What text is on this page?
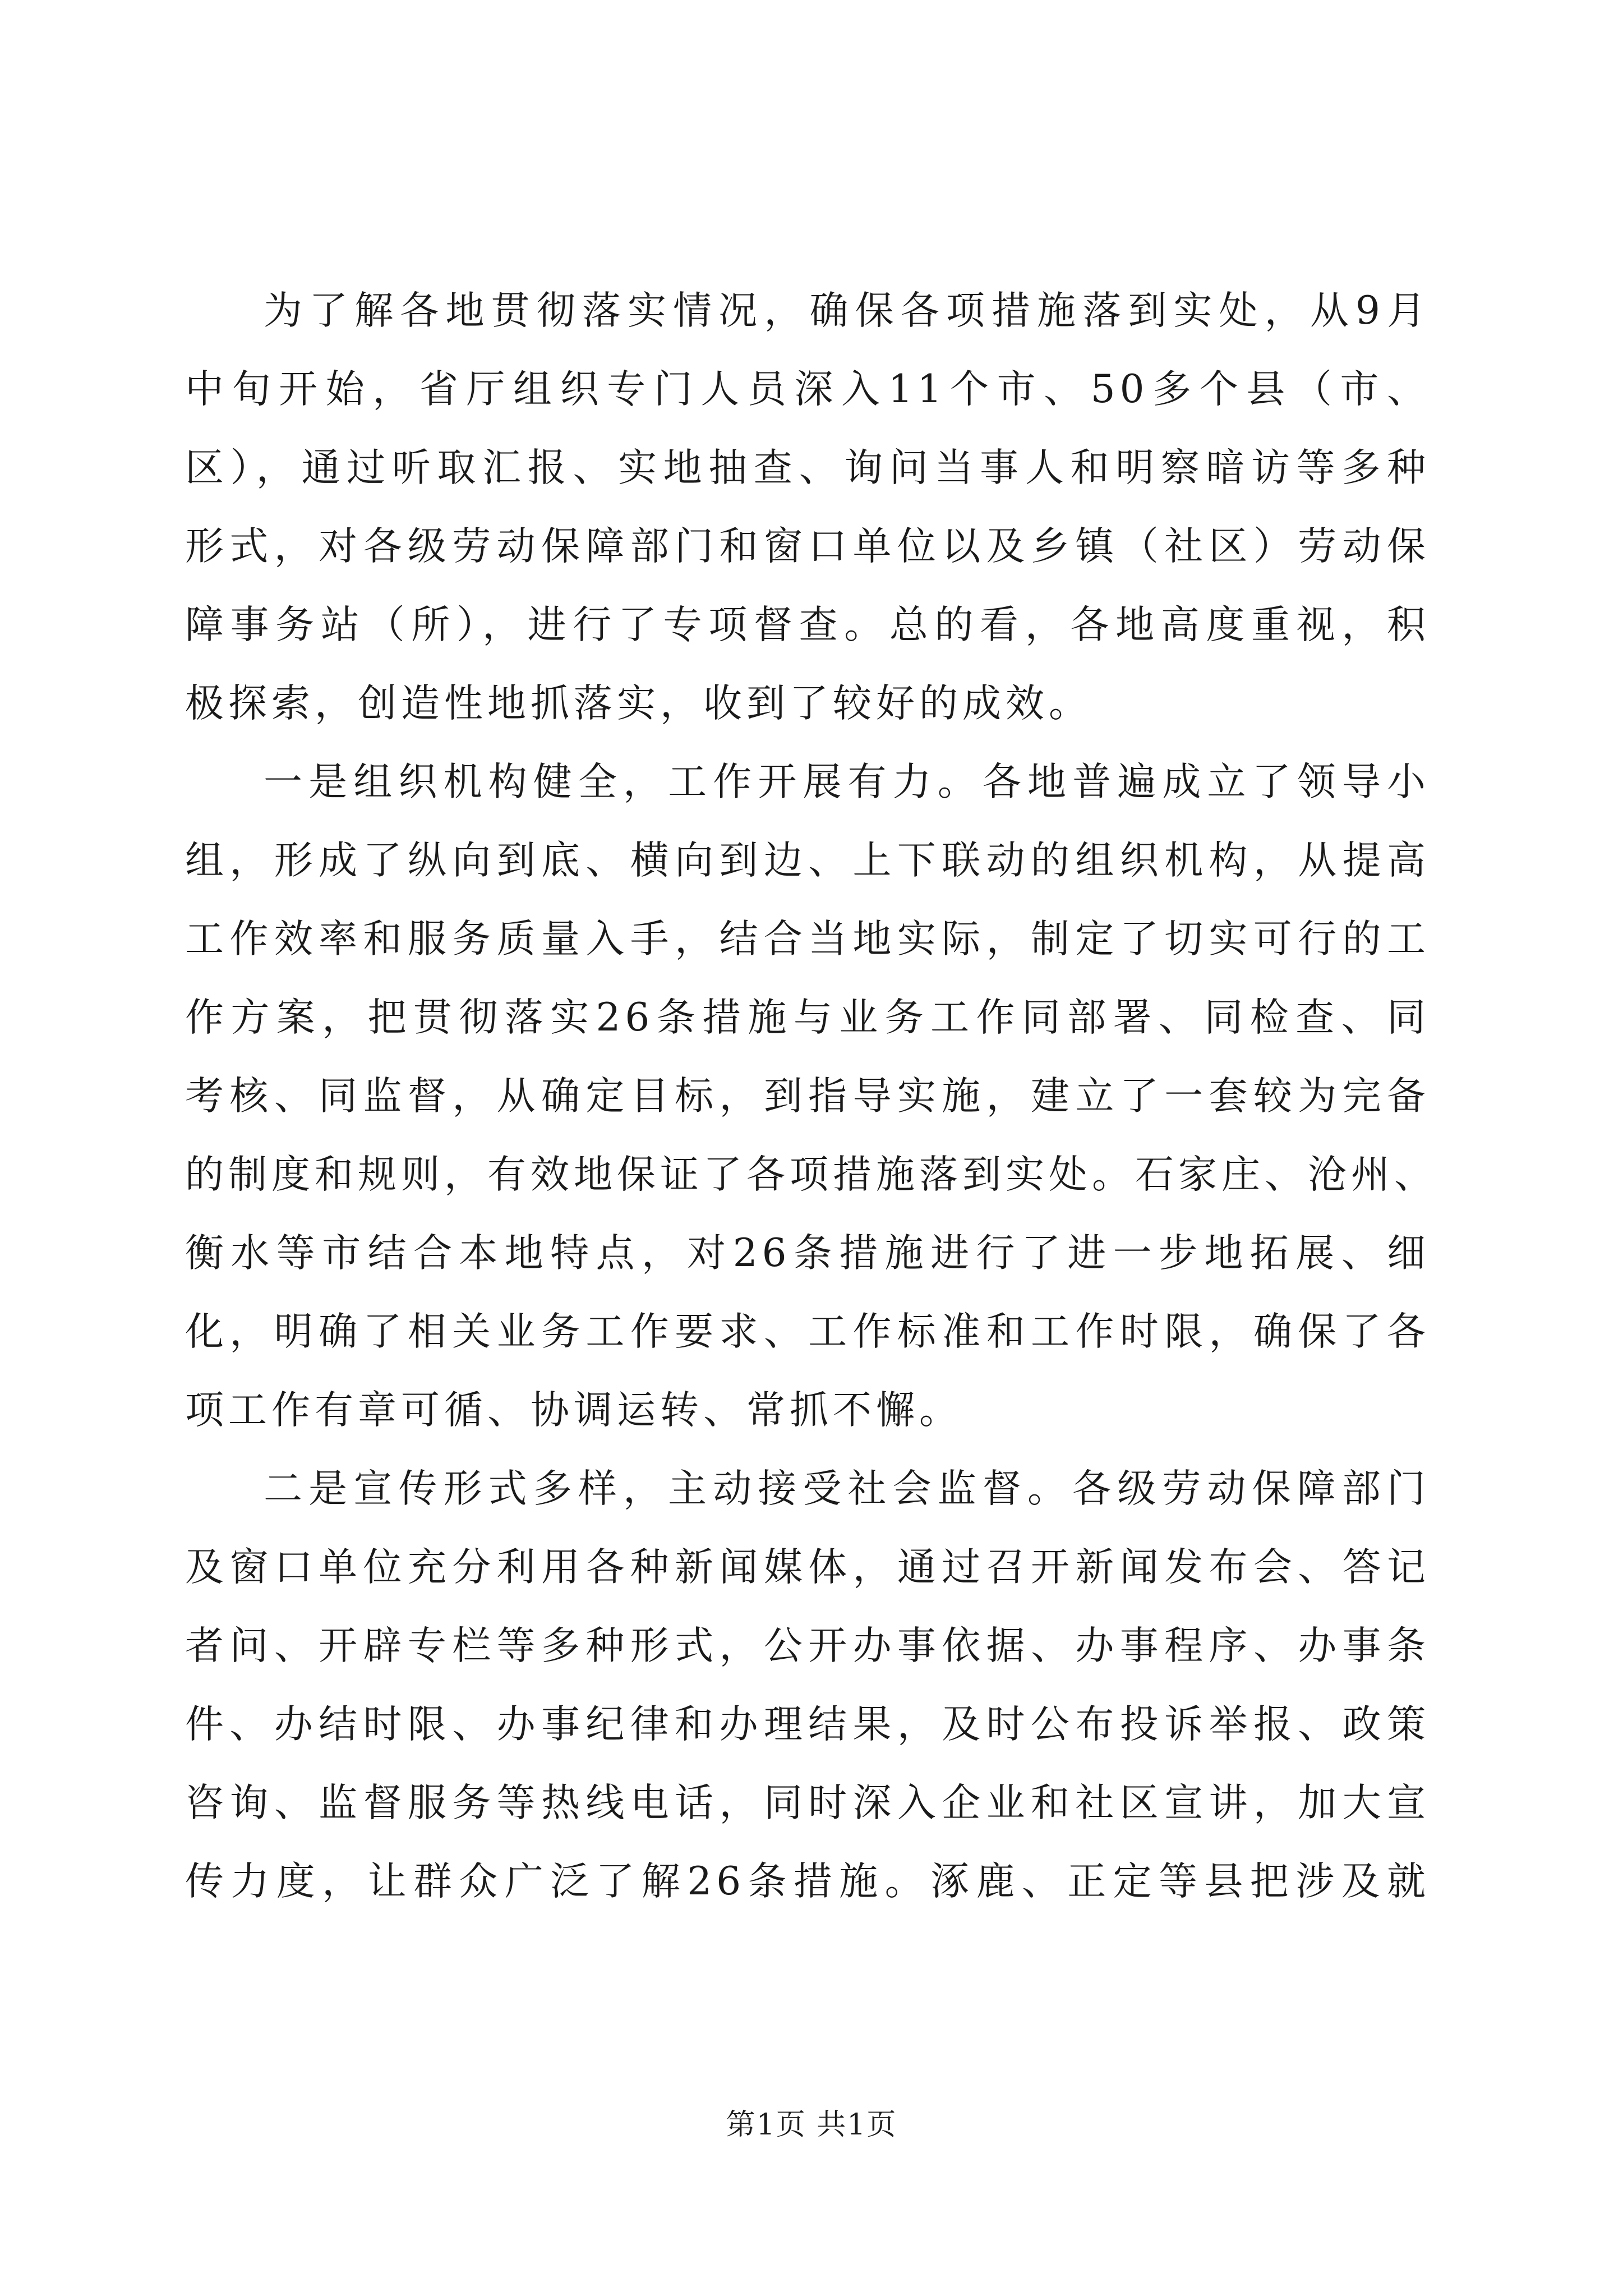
为了解各地贯彻落实情况，确保各项措施落到实处，从9月
中旬开始，省厅组织专门人员深入11个市、50多个县（市、
区），通过听取汇报、实地抽查、询问当事人和明察暗访等多种
形式，对各级劳动保障部门和窗口单位以及乡镇（社区）劳动保
障事务站（所），进行了专项督查。总的看，各地高度重视，积
极探索，创造性地抓落实，收到了较好的成效。
一是组织机构健全，工作开展有力。各地普遍成立了领导小
组，形成了纵向到底、横向到边、上下联动的组织机构，从提高
工作效率和服务质量入手，结合当地实际，制定了切实可行的工
作方案，把贯彻落实26条措施与业务工作同部署、同检查、同
考核、同监督，从确定目标，到指导实施，建立了一套较为完备
的制度和规则，有效地保证了各项措施落到实处。石家庄、沧州、
衡水等市结合本地特点，对26条措施进行了进一步地拓展、细
化，明确了相关业务工作要求、工作标准和工作时限，确保了各
项工作有章可循、协调运转、常抓不懈。
二是宣传形式多样，主动接受社会监督。各级劳动保障部门
及窗口单位充分利用各种新闻媒体，通过召开新闻发布会、答记
者问、开辟专栏等多种形式，公开办事依据、办事程序、办事条
件、办结时限、办事纪律和办理结果，及时公布投诉举报、政策
咨询、监督服务等热线电话，同时深入企业和社区宣讲，加大宣
传力度，让群众广泛了解26条措施。涿鹿、正定等县把涉及就
第1页 共1页
